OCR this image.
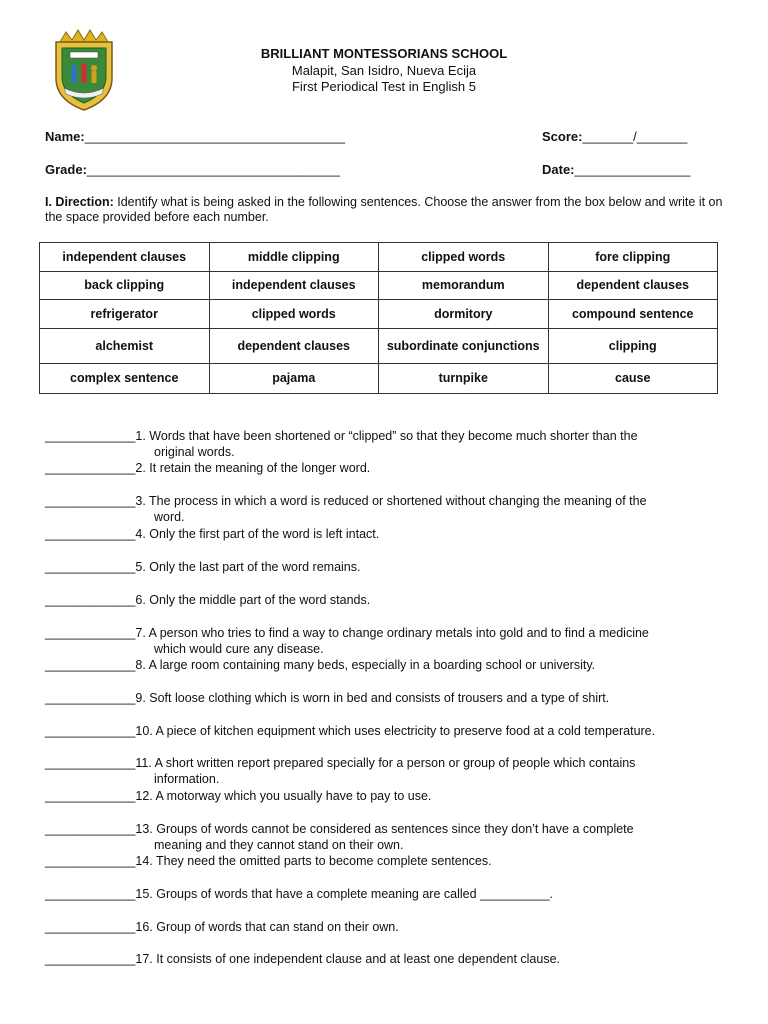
BRILLIANT MONTESSORIANS SCHOOL
Malapit, San Isidro, Nueva Ecija
First Periodical Test in English 5
Name:____________________________________	Score:_______/_______
Grade:___________________________________	Date:________________
I. Direction: Identify what is being asked in the following sentences. Choose the answer from the box below and write it on the space provided before each number.
independent clauses	middle clipping	clipped words	fore clipping
back clipping	independent clauses	memorandum	dependent clauses
refrigerator	clipped words	dormitory	compound sentence
alchemist	dependent clauses	subordinate conjunctions	clipping
complex sentence	pajama	turnpike	cause
_____________1. Words that have been shortened or “clipped” so that they become much shorter than the
original words.
_____________2. It retain the meaning of the longer word.
_____________3. The process in which a word is reduced or shortened without changing the meaning of the
word.
_____________4. Only the first part of the word is left intact.
_____________5. Only the last part of the word remains.
_____________6. Only the middle part of the word stands.
_____________7. A person who tries to find a way to change ordinary metals into gold and to find a medicine
which would cure any disease.
_____________8. A large room containing many beds, especially in a boarding school or university.
_____________9. Soft loose clothing which is worn in bed and consists of trousers and a type of shirt.
_____________10. A piece of kitchen equipment which uses electricity to preserve food at a cold temperature.
_____________11. A short written report prepared specially for a person or group of people which contains
information.
_____________12. A motorway which you usually have to pay to use.
_____________13. Groups of words cannot be considered as sentences since they don’t have a complete
meaning and they cannot stand on their own.
_____________14. They need the omitted parts to become complete sentences.
_____________15. Groups of words that have a complete meaning are called __________.
_____________16. Group of words that can stand on their own.
_____________17. It consists of one independent clause and at least one dependent clause.
